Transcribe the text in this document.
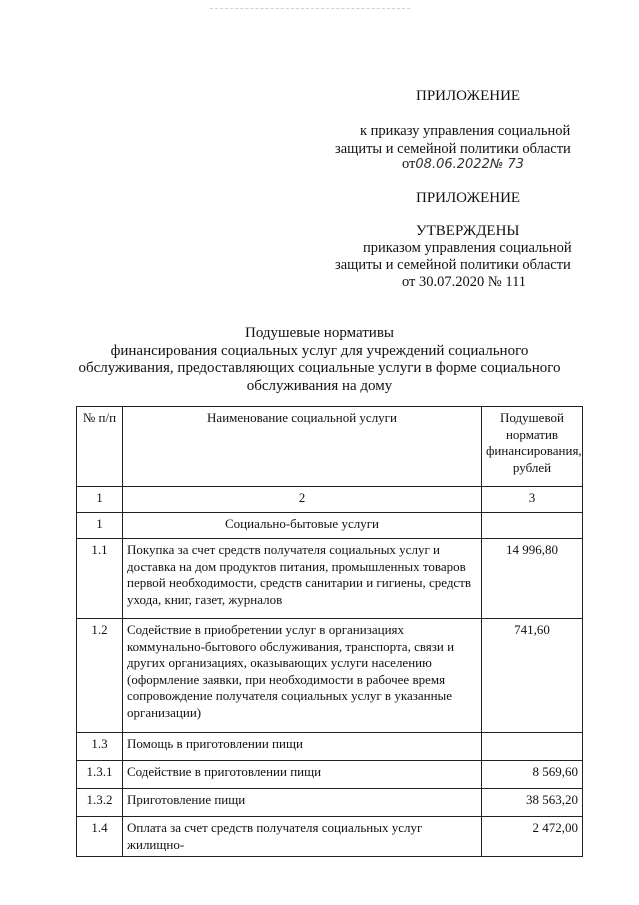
ПРИЛОЖЕНИЕ
к приказу управления социальной
защиты и семейной политики области
от08.06.2022№ 73
ПРИЛОЖЕНИЕ
УТВЕРЖДЕНЫ
приказом управления социальной
защиты и семейной политики области
от 30.07.2020 № 111
Подушевые нормативы
финансирования социальных услуг для учреждений социального
обслуживания, предоставляющих социальные услуги в форме социального
обслуживания на дому
№ п/п	Наименование социальной услуги	Подушевой норматив финансирования, рублей
1	2	3
1	Социально-бытовые услуги	
1.1	Покупка за счет средств получателя социальных услуг и доставка на дом продуктов питания, промышленных товаров первой необходимости, средств санитарии и гигиены, средств ухода, книг, газет, журналов	14 996,80
1.2	Содействие в приобретении услуг в организациях коммунально-бытового обслуживания, транспорта, связи и других организациях, оказывающих услуги населению (оформление заявки, при необходимости в рабочее время сопровождение получателя социальных услуг в указанные организации)	741,60
1.3	Помощь в приготовлении пищи	
1.3.1	Содействие в приготовлении пищи	8 569,60
1.3.2	Приготовление пищи	38 563,20
1.4	Оплата за счет средств получателя социальных услуг жилищно-	2 472,00
